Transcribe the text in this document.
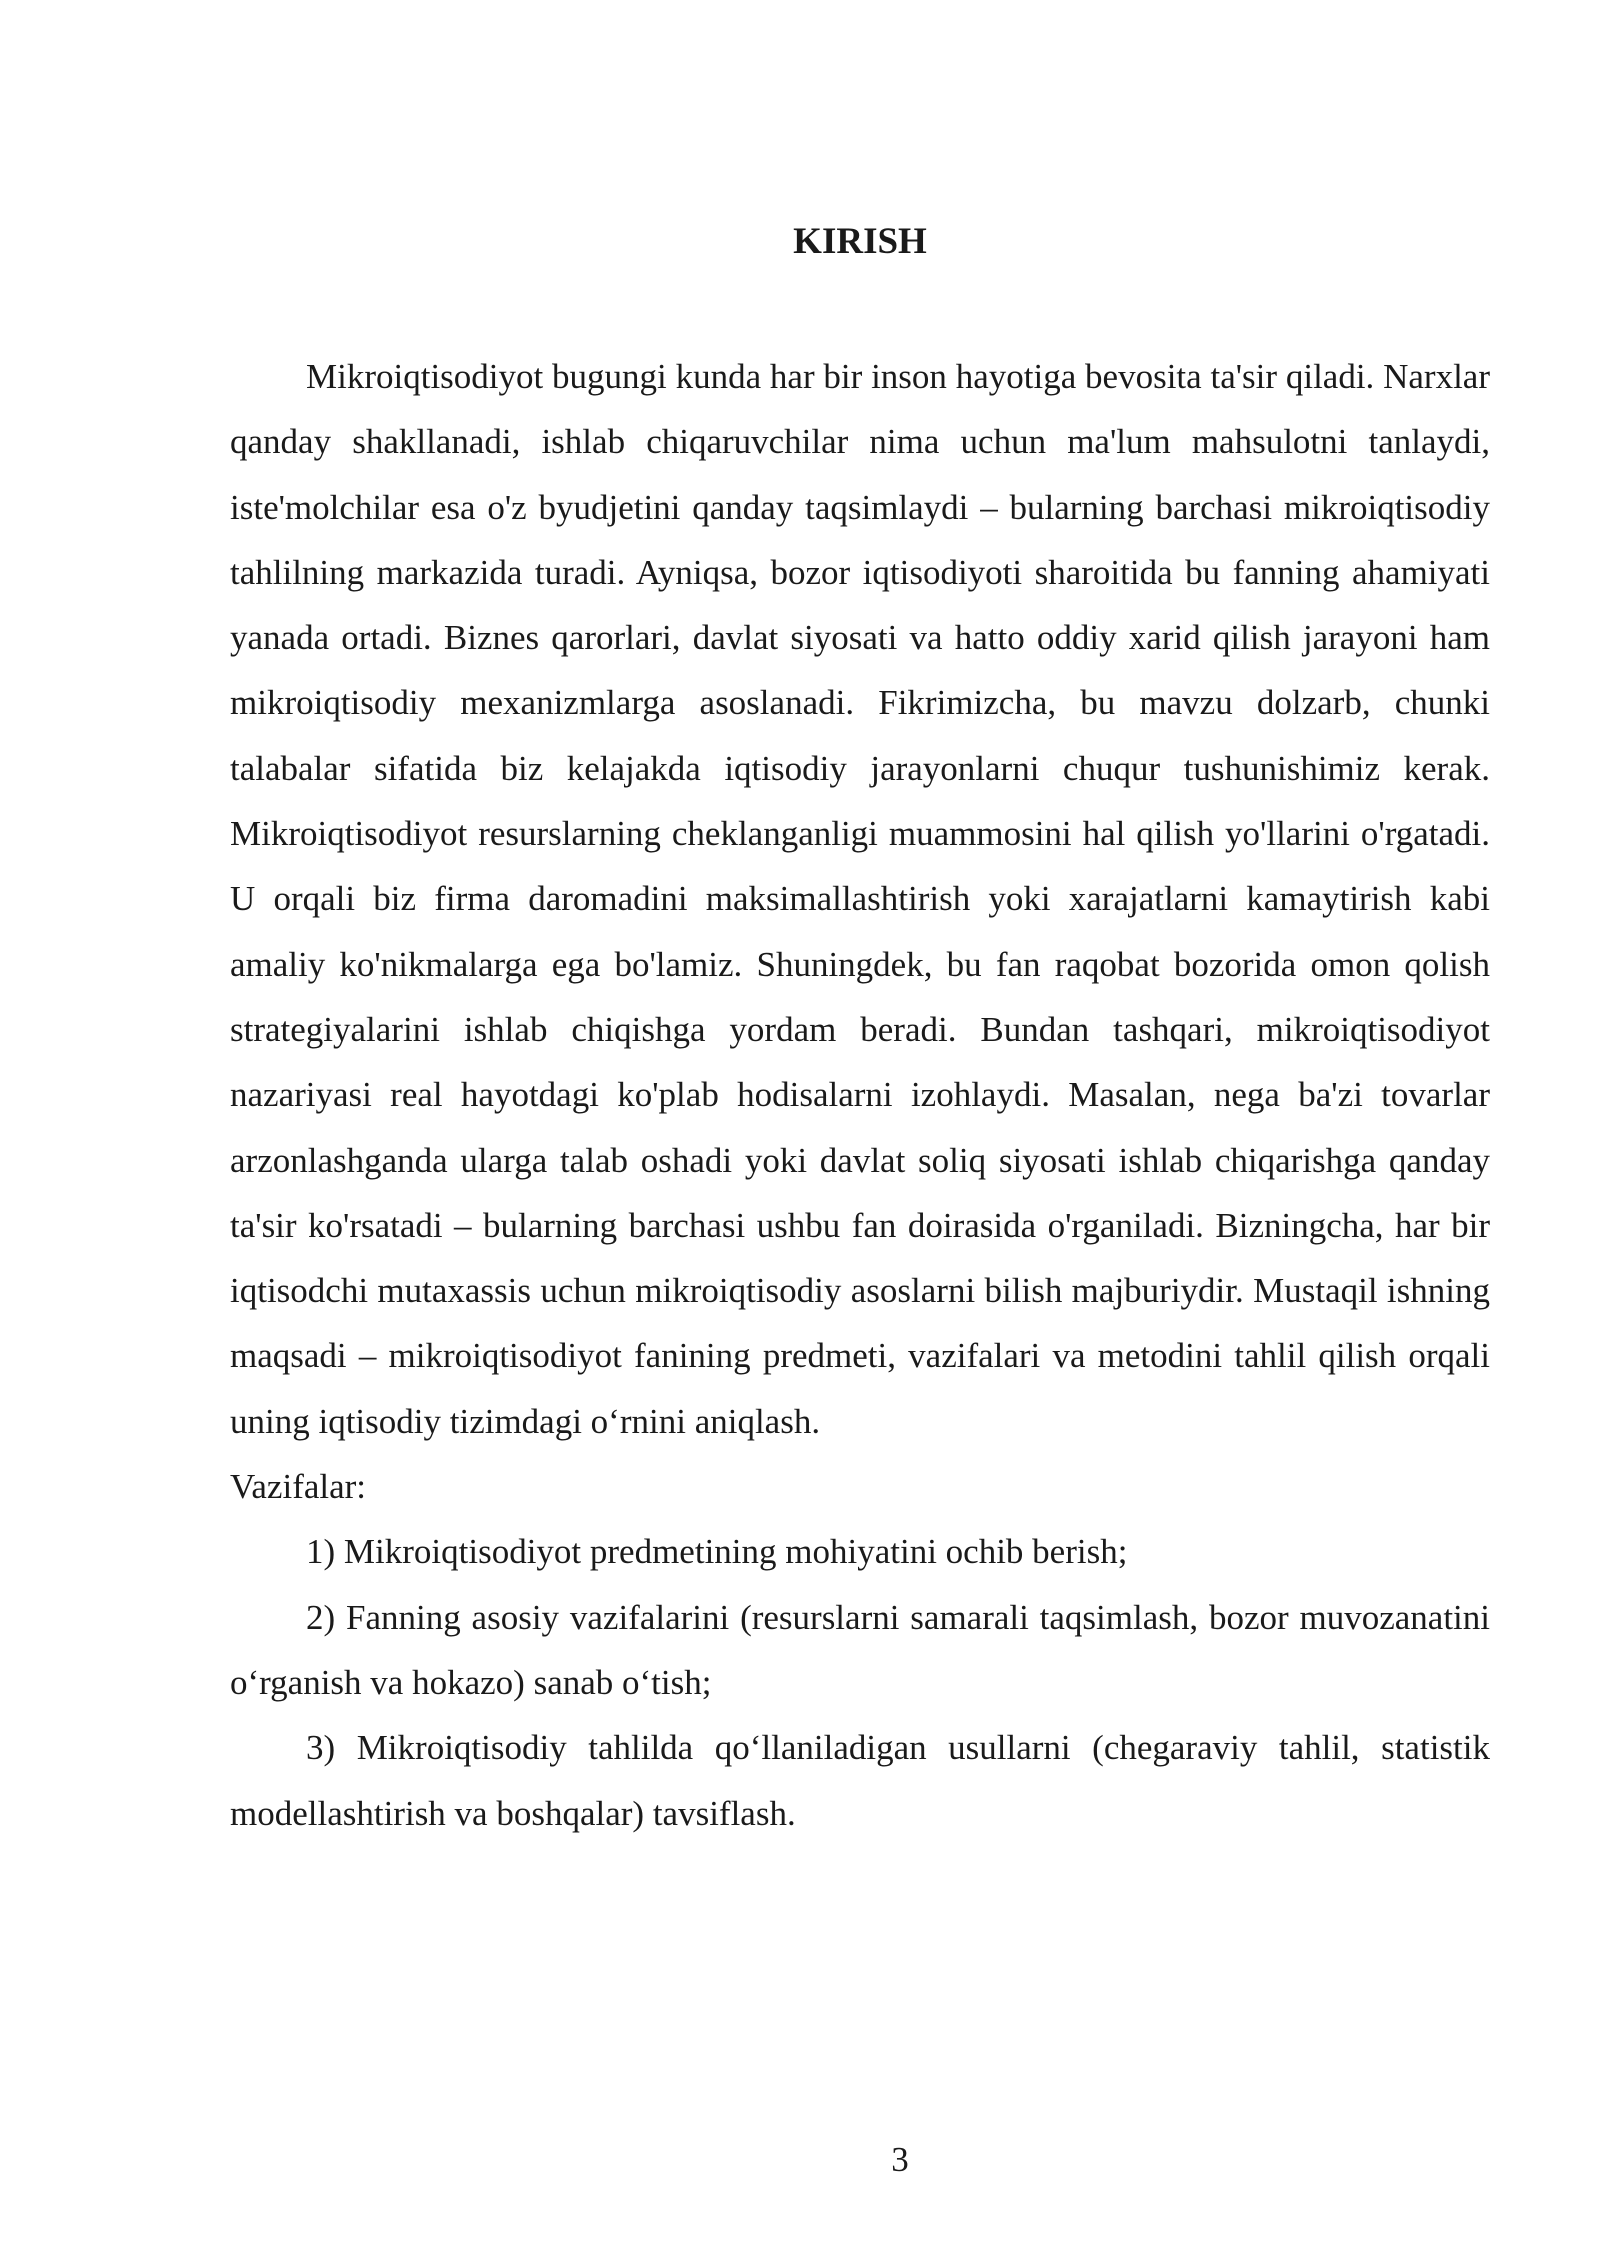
KIRISH

Mikroiqtisodiyot bugungi kunda har bir inson hayotiga bevosita ta'sir qiladi. Narxlar qanday shakllanadi, ishlab chiqaruvchilar nima uchun ma'lum mahsulotni tanlaydi, iste'molchilar esa o'z byudjetini qanday taqsimlaydi – bularning barchasi mikroiqtisodiy tahlilning markazida turadi. Ayniqsa, bozor iqtisodiyoti sharoitida bu fanning ahamiyati yanada ortadi. Biznes qarorlari, davlat siyosati va hatto oddiy xarid qilish jarayoni ham mikroiqtisodiy mexanizmlarga asoslanadi. Fikrimizcha, bu mavzu dolzarb, chunki talabalar sifatida biz kelajakda iqtisodiy jarayonlarni chuqur tushunishimiz kerak. Mikroiqtisodiyot resurslarning cheklanganligi muammosini hal qilish yo'llarini o'rgatadi. U orqali biz firma daromadini maksimallashtirish yoki xarajatlarni kamaytirish kabi amaliy ko'nikmalarga ega bo'lamiz. Shuningdek, bu fan raqobat bozorida omon qolish strategiyalarini ishlab chiqishga yordam beradi. Bundan tashqari, mikroiqtisodiyot nazariyasi real hayotdagi ko'plab hodisalarni izohlaydi. Masalan, nega ba'zi tovarlar arzonlashganda ularga talab oshadi yoki davlat soliq siyosati ishlab chiqarishga qanday ta'sir ko'rsatadi – bularning barchasi ushbu fan doirasida o'rganiladi. Bizningcha, har bir iqtisodchi mutaxassis uchun mikroiqtisodiy asoslarni bilish majburiydir. Mustaqil ishning maqsadi – mikroiqtisodiyot fanining predmeti, vazifalari va metodini tahlil qilish orqali uning iqtisodiy tizimdagi oʻrnini aniqlash.

Vazifalar:

1) Mikroiqtisodiyot predmetining mohiyatini ochib berish;

2) Fanning asosiy vazifalarini (resurslarni samarali taqsimlash, bozor muvozanatini oʻrganish va hokazo) sanab oʻtish;

3) Mikroiqtisodiy tahlilda qoʻllaniladigan usullarni (chegaraviy tahlil, statistik modellashtirish va boshqalar) tavsiflash.

3
